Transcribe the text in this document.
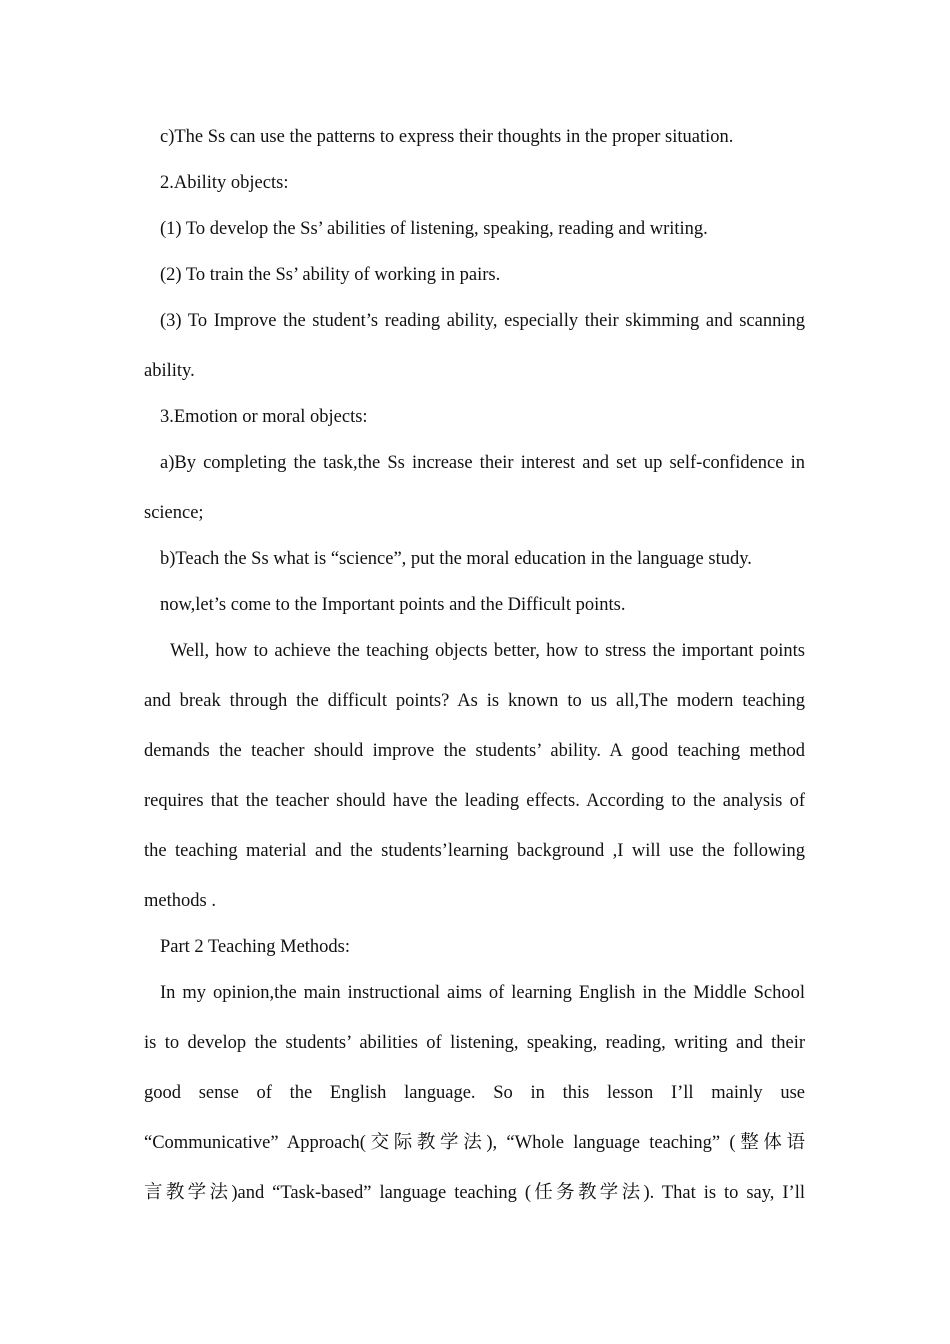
c)The Ss can use the patterns to express their thoughts in the proper situation.
2.Ability objects:
(1) To develop the Ss’ abilities of listening, speaking, reading and writing.
(2) To train the Ss’ ability of working in pairs.
(3) To Improve the student’s reading ability, especially their skimming and scanning
ability.
3.Emotion or moral objects:
a)By completing the task,the Ss increase their interest and set up self-confidence in
science;
b)Teach the Ss what is “science”, put the moral education in the language study.
now,let’s come to the Important points and the Difficult points.
Well, how to achieve the teaching objects better, how to stress the important points
and break through the difficult points? As is known to us all,The modern teaching
demands the teacher should improve the students’ ability. A good teaching method
requires that the teacher should have the leading effects. According to the analysis of
the teaching material and the students’learning background ,I will use the following
methods .
Part 2 Teaching Methods:
In my opinion,the main instructional aims of learning English in the Middle School
is to develop the students’ abilities of listening, speaking, reading, writing and their
good sense of the English language. So in this lesson I’ll mainly use
“Communicative” Approach(交际教学法), “Whole language teaching” (整体语
言教学法)and “Task-based” language teaching (任务教学法). That is to say, I’ll
